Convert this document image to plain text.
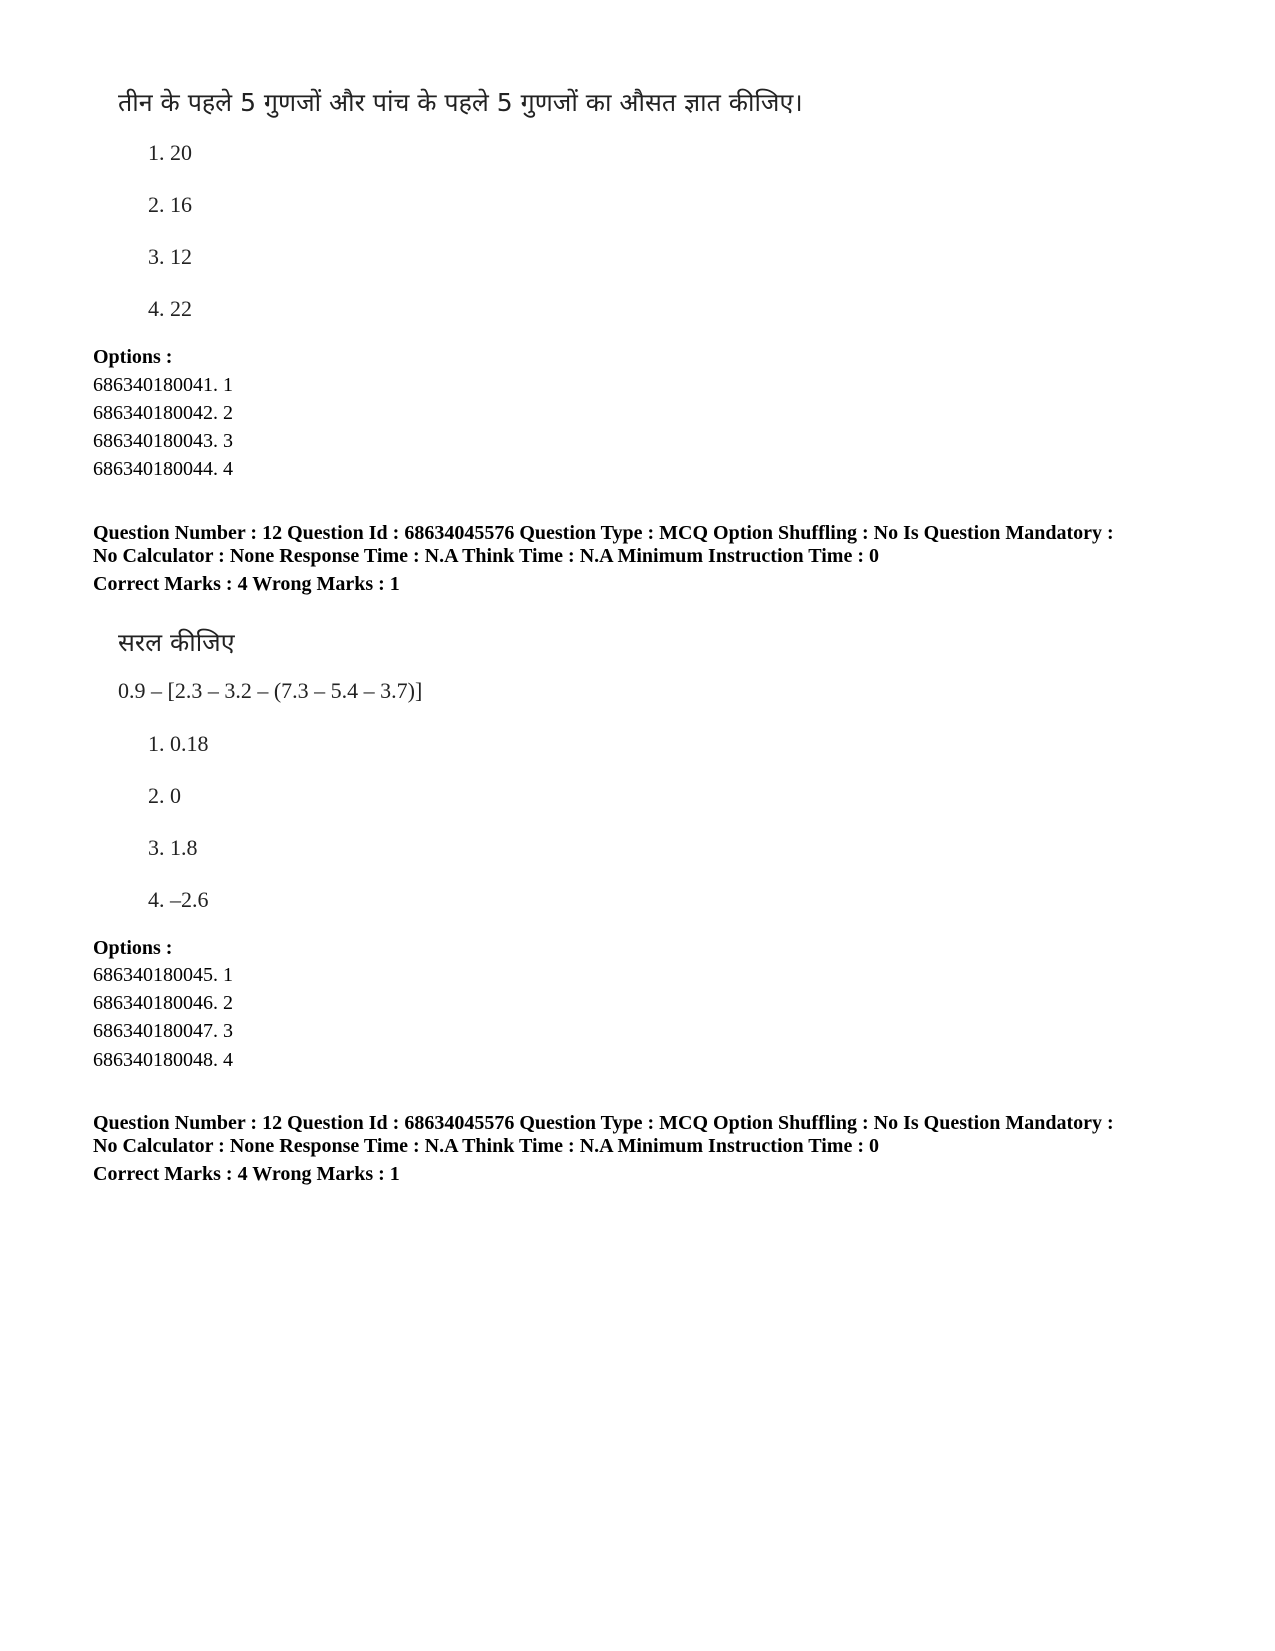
तीन के पहले 5 गुणजों और पांच के पहले 5 गुणजों का औसत ज्ञात कीजिए।
1. 20
2. 16
3. 12
4. 22
Options :
686340180041. 1
686340180042. 2
686340180043. 3
686340180044. 4
Question Number : 12 Question Id : 68634045576 Question Type : MCQ Option Shuffling : No Is Question Mandatory :
No Calculator : None Response Time : N.A Think Time : N.A Minimum Instruction Time : 0
Correct Marks : 4 Wrong Marks : 1
सरल कीजिए
0.9 – [2.3 – 3.2 – (7.3 – 5.4 – 3.7)]
1. 0.18
2. 0
3. 1.8
4. –2.6
Options :
686340180045. 1
686340180046. 2
686340180047. 3
686340180048. 4
Question Number : 12 Question Id : 68634045576 Question Type : MCQ Option Shuffling : No Is Question Mandatory :
No Calculator : None Response Time : N.A Think Time : N.A Minimum Instruction Time : 0
Correct Marks : 4 Wrong Marks : 1
